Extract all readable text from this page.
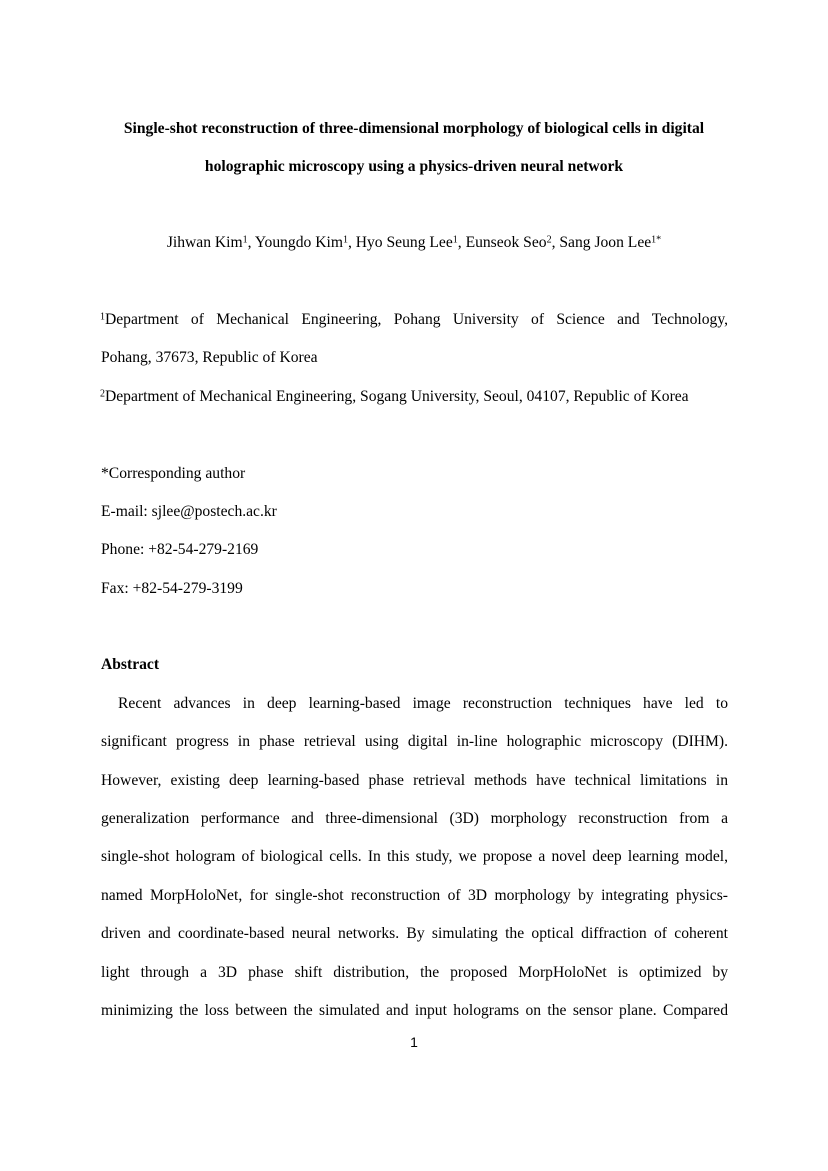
Single-shot reconstruction of three-dimensional morphology of biological cells in digital
holographic microscopy using a physics-driven neural network
Jihwan Kim$^1$, Youngdo Kim$^1$, Hyo Seung Lee$^1$, Eunseok Seo$^2$, Sang Joon Lee$^{1*}$
$^1$Department of Mechanical Engineering, Pohang University of Science and Technology,
Pohang, 37673, Republic of Korea
$^2$Department of Mechanical Engineering, Sogang University, Seoul, 04107, Republic of Korea
*Corresponding author
E-mail: sjlee@postech.ac.kr
Phone: +82-54-279-2169
Fax: +82-54-279-3199
Abstract
Recent advances in deep learning-based image reconstruction techniques have led to
significant progress in phase retrieval using digital in-line holographic microscopy (DIHM).
However, existing deep learning-based phase retrieval methods have technical limitations in
generalization performance and three-dimensional (3D) morphology reconstruction from a
single-shot hologram of biological cells. In this study, we propose a novel deep learning model,
named MorpHoloNet, for single-shot reconstruction of 3D morphology by integrating physics-
driven and coordinate-based neural networks. By simulating the optical diffraction of coherent
light through a 3D phase shift distribution, the proposed MorpHoloNet is optimized by
minimizing the loss between the simulated and input holograms on the sensor plane. Compared
1
